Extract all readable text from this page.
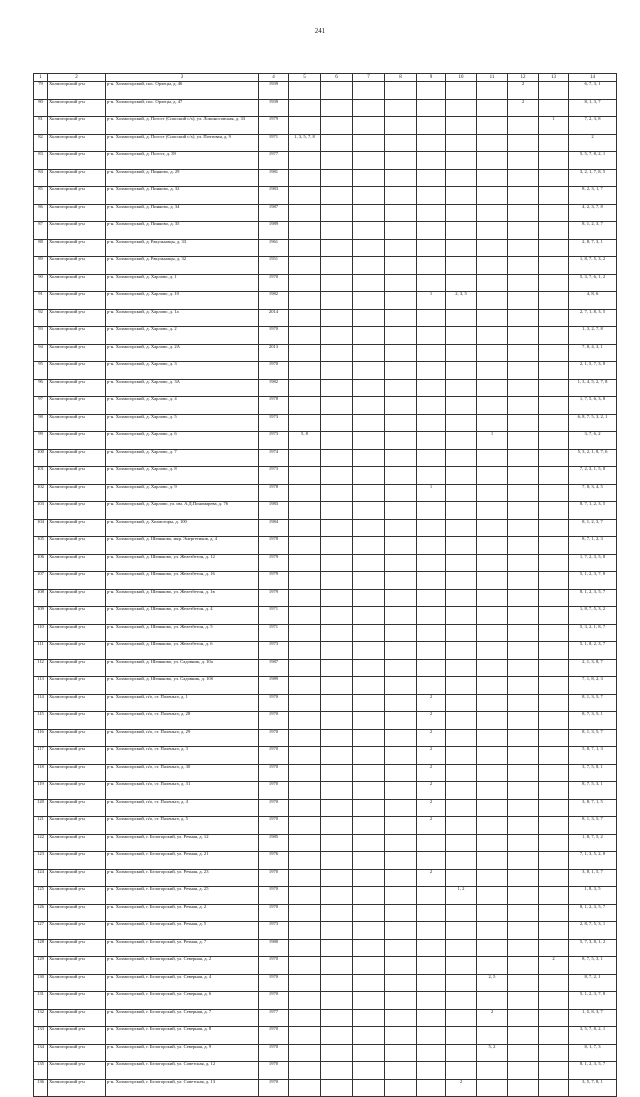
241
1	2	3	4	5	6	7	8	9	10	11	12	13	14
79	Холмогорский р-н	р-н. Холмогорский, пос. Орлецы, д. 46	1939								2		6, 7, 3, 1
80	Холмогорский р-н	р-н. Холмогорский, пос. Орлецы, д. 47	1939								2		8, 1, 3, 7
81	Холмогорский р-н	р-н. Холмогорский, д. Погост (Спасский с/х), ул. Ломоносовская, д. 33	1979									1	7, 2, 3, 8
82	Холмогорский р-н	р-н. Холмогорский, д. Погост (Спасский с/х), ул. Почтовая, д. 9	1971	1, 3, 5, 7, 8									2
83	Холмогорский р-н	р-н. Холмогорский, д. Погост, д. 39	1977										5, 5, 7, 8, 2, 1
84	Холмогорский р-н	р-н. Холмогорский, д. Пиняово, д. 29	1981										3, 2, 1, 7, 8, 5
85	Холмогорский р-н	р-н. Холмогорский, д. Пиняово, д. 32	1983										8, 2, 3, 1, 7
86	Холмогорский р-н	р-н. Холмогорский, д. Пиняово, д. 34	1987										4, 2, 3, 7, 8
87	Холмогорский р-н	р-н. Холмогорский, д. Пиняово, д. 35	1989										8, 1, 2, 3, 7
88	Холмогорский р-н	р-н. Холмогорский, д. Ракульницы, д. 33	1961										2, 8, 7, 3, 1
89	Холмогорский р-н	р-н. Холмогорский, д. Ракульницы, д. 32	1951										1, 8, 7, 5, 3, 2
90	Холмогорский р-н	р-н. Холмогорский, д. Харлово, д. 1	1970										5, 3, 7, 6, 1, 2
91	Холмогорский р-н	р-н. Холмогорский, д. Харлово, д. 10	1982					1	2, 3, 5				4, 8, 6
92	Холмогорский р-н	р-н. Холмогорский, д. Харлово, д. 1а	2014										2, 7, 1, 8, 3, 5
93	Холмогорский р-н	р-н. Холмогорский, д. Харлово, д. 2	1970										1, 3, 2, 7, 8
94	Холмогорский р-н	р-н. Холмогорский, д. Харлово, д. 2А	2013										7, 8, 4, 3, 1
95	Холмогорский р-н	р-н. Холмогорский, д. Харлово, д. 3	1970										2, 1, 5, 7, 3, 8
96	Холмогорский р-н	р-н. Холмогорский, д. Харлово, д. 3А	1982										1, 3, 4, 5, 2, 7, 8
97	Холмогорский р-н	р-н. Холмогорский, д. Харлово, д. 4	1978										1, 7, 5, 6, 3, 8
98	Холмогорский р-н	р-н. Холмогорский, д. Харлово, д. 5	1973										6, 8, 7, 5, 3, 2, 1
99	Холмогорский р-н	р-н. Холмогорский, д. Харлово, д. 6	1973	5, 8						1			3, 7, 6, 2
100	Холмогорский р-н	р-н. Холмогорский, д. Харлово, д. 7	1974										5, 3, 2, 1, 8, 7, 6
101	Холмогорский р-н	р-н. Холмогорский, д. Харлово, д. 8	1973										7, 2, 3, 1, 5, 8
102	Холмогорский р-н	р-н. Холмогорский, д. Харлово, д. 9	1978					1					7, 8, 3, 4, 5
103	Холмогорский р-н	р-н. Холмогорский, д. Харлово, ул. им. А.Д.Пономарева, д. 76	1983										8, 7, 1, 2, 3, 5
104	Холмогорский р-н	р-н. Холмогорский, д. Холмогоры, д. 100	1984										8, 1, 2, 3, 7
105	Холмогорский р-н	р-н. Холмогорский, д. Шеинково, мкр. Энергетиков, д. 4	1978										8, 7, 1, 2, 3
106	Холмогорский р-н	р-н. Холмогорский, д. Шеинково, ул. Железбетон, д. 12	1979										1, 7, 2, 3, 5, 8
107	Холмогорский р-н	р-н. Холмогорский, д. Шеинково, ул. Железбетон, д. 16	1979										5, 1, 2, 3, 7, 8
108	Холмогорский р-н	р-н. Холмогорский, д. Шеинково, ул. Железбетон, д. 1в	1979										8, 1, 2, 3, 5, 7
109	Холмогорский р-н	р-н. Холмогорский, д. Шеинково, ул. Железбетон, д. 4	1971										1, 8, 7, 5, 3, 2
110	Холмогорский р-н	р-н. Холмогорский, д. Шеинково, ул. Железбетон, д. 5	1971										5, 3, 2, 1, 8, 7
111	Холмогорский р-н	р-н. Холмогорский, д. Шеинково, ул. Железбетон, д. 6	1973										5, 1, 8, 2, 3, 7
112	Холмогорский р-н	р-н. Холмогорский, д. Шеинково, ул. Садовник, д. 10а	1987										2, 1, 3, 8, 7
113	Холмогорский р-н	р-н. Холмогорский, д. Шеинково, ул. Садовник, д. 10б	1989										7, 1, 8, 2, 3
114	Холмогорский р-н	р-н. Холмогорский, п/о, ст. Паленьга, д. 1	1970					2					8, 1, 3, 5, 7
115	Холмогорский р-н	р-н. Холмогорский, п/о, ст. Паленьга, д. 28	1970					2					8, 7, 3, 5, 1
116	Холмогорский р-н	р-н. Холмогорский, п/о, ст. Паленьга, д. 29	1970					2					8, 1, 3, 5, 7
117	Холмогорский р-н	р-н. Холмогорский, п/о, ст. Паленьга, д. 3	1970					2					5, 8, 7, 1, 3
118	Холмогорский р-н	р-н. Холмогорский, п/о, ст. Паленьга, д. 30	1970					2					3, 7, 5, 8, 1
119	Холмогорский р-н	р-н. Холмогорский, п/о, ст. Паленьга, д. 31	1970					2					8, 7, 5, 3, 1
120	Холмогорский р-н	р-н. Холмогорский, п/о, ст. Паленьга, д. 4	1970					2					3, 8, 7, 1, 5
121	Холмогорский р-н	р-н. Холмогорский, п/о, ст. Паленьга, д. 5	1970					2					8, 1, 3, 5, 7
122	Холмогорский р-н	р-н. Холмогорский, г. Белогорский, ул. Речная, д. 12	1985										1, 8, 7, 5, 2
123	Холмогорский р-н	р-н. Холмогорский, г. Белогорский, ул. Речная, д. 21	1976										7, 1, 3, 5, 2, 8
124	Холмогорский р-н	р-н. Холмогорский, г. Белогорский, ул. Речная, д. 23	1970					2					3, 8, 1, 5, 7
125	Холмогорский р-н	р-н. Холмогорский, г. Белогорский, ул. Речная, д. 25	1970						1, 2				1, 8, 3, 5
126	Холмогорский р-н	р-н. Холмогорский, г. Белогорский, ул. Речная, д. 2	1970										8, 1, 2, 3, 5, 7
127	Холмогорский р-н	р-н. Холмогорский, г. Белогорский, ул. Речная, д. 5	1973										2, 8, 7, 5, 3, 1
128	Холмогорский р-н	р-н. Холмогорский, г. Белогорский, ул. Речная, д. 7	1980										5, 7, 3, 8, 1, 2
129	Холмогорский р-н	р-н. Холмогорский, г. Белогорский, ул. Северная, д. 2	1970									2	8, 7, 5, 3, 1
130	Холмогорский р-н	р-н. Холмогорский, г. Белогорский, ул. Северная, д. 4	1970							2, 5			8, 7, 2, 1
131	Холмогорский р-н	р-н. Холмогорский, г. Белогорский, ул. Северная, д. 6	1970										5, 1, 2, 3, 7, 8
132	Холмогорский р-н	р-н. Холмогорский, г. Белогорский, ул. Северная, д. 7	1977							2			1, 5, 8, 3, 7
133	Холмогорский р-н	р-н. Холмогорский, г. Белогорский, ул. Северная, д. 8	1970										3, 5, 7, 8, 2, 1
134	Холмогорский р-н	р-н. Холмогорский, г. Белогорский, ул. Северная, д. 9	1970							5, 2			8, 1, 7, 3
135	Холмогорский р-н	р-н. Холмогорский, г. Белогорский, ул. Советская, д. 12	1970										8, 1, 2, 3, 5, 7
136	Холмогорский р-н	р-н. Холмогорский, г. Белогорский, ул. Советская, д. 13	1970						2				3, 5, 7, 8, 1
